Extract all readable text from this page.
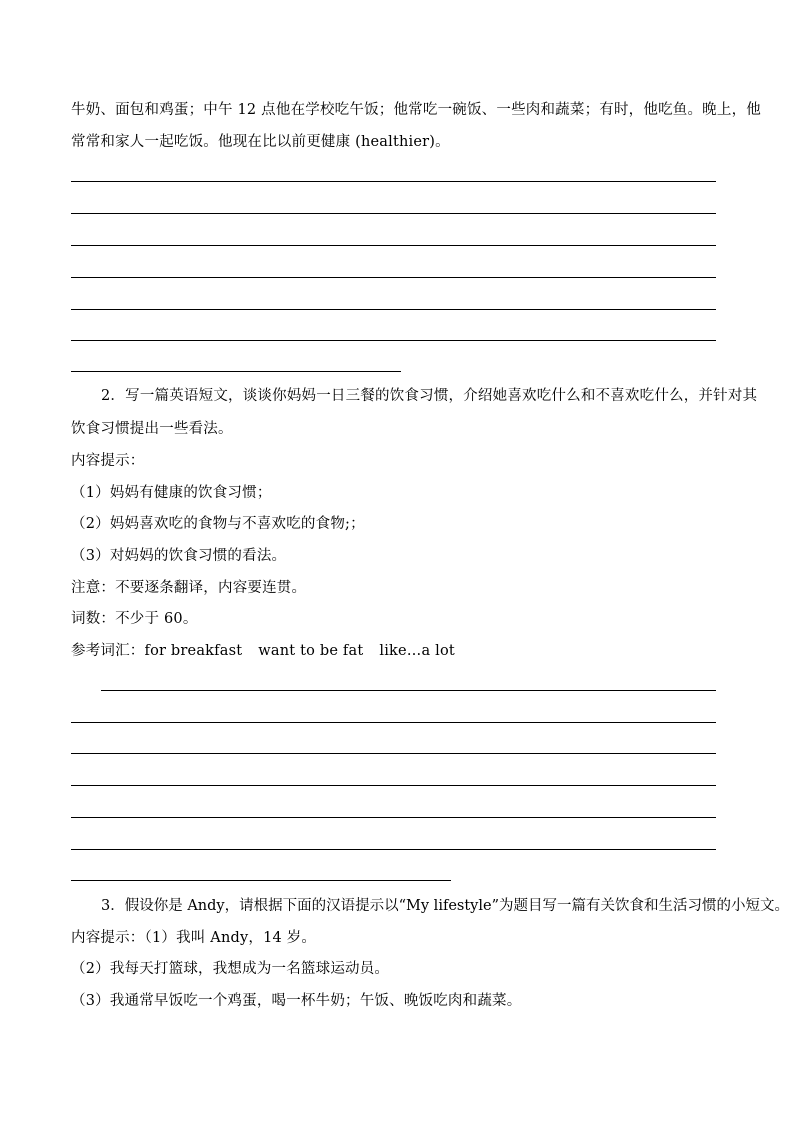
牛奶、面包和鸡蛋；中午 12 点他在学校吃午饭；他常吃一碗饭、一些肉和蔬菜；有时，他吃鱼。晚上，他
常常和家人一起吃饭。他现在比以前更健康 (healthier)。
2．写一篇英语短文，谈谈你妈妈一日三餐的饮食习惯，介绍她喜欢吃什么和不喜欢吃什么，并针对其
饮食习惯提出一些看法。
内容提示：
（1）妈妈有健康的饮食习惯；
（2）妈妈喜欢吃的食物与不喜欢吃的食物;；
（3）对妈妈的饮食习惯的看法。
注意：不要逐条翻译，内容要连贯。
词数：不少于 60。
参考词汇：for breakfast want to be fat like…a lot
3．假设你是 Andy，请根据下面的汉语提示以“My lifestyle”为题目写一篇有关饮食和生活习惯的小短文。
内容提示：（1）我叫 Andy，14 岁。
（2）我每天打篮球，我想成为一名篮球运动员。
（3）我通常早饭吃一个鸡蛋，喝一杯牛奶；午饭、晚饭吃肉和蔬菜。
